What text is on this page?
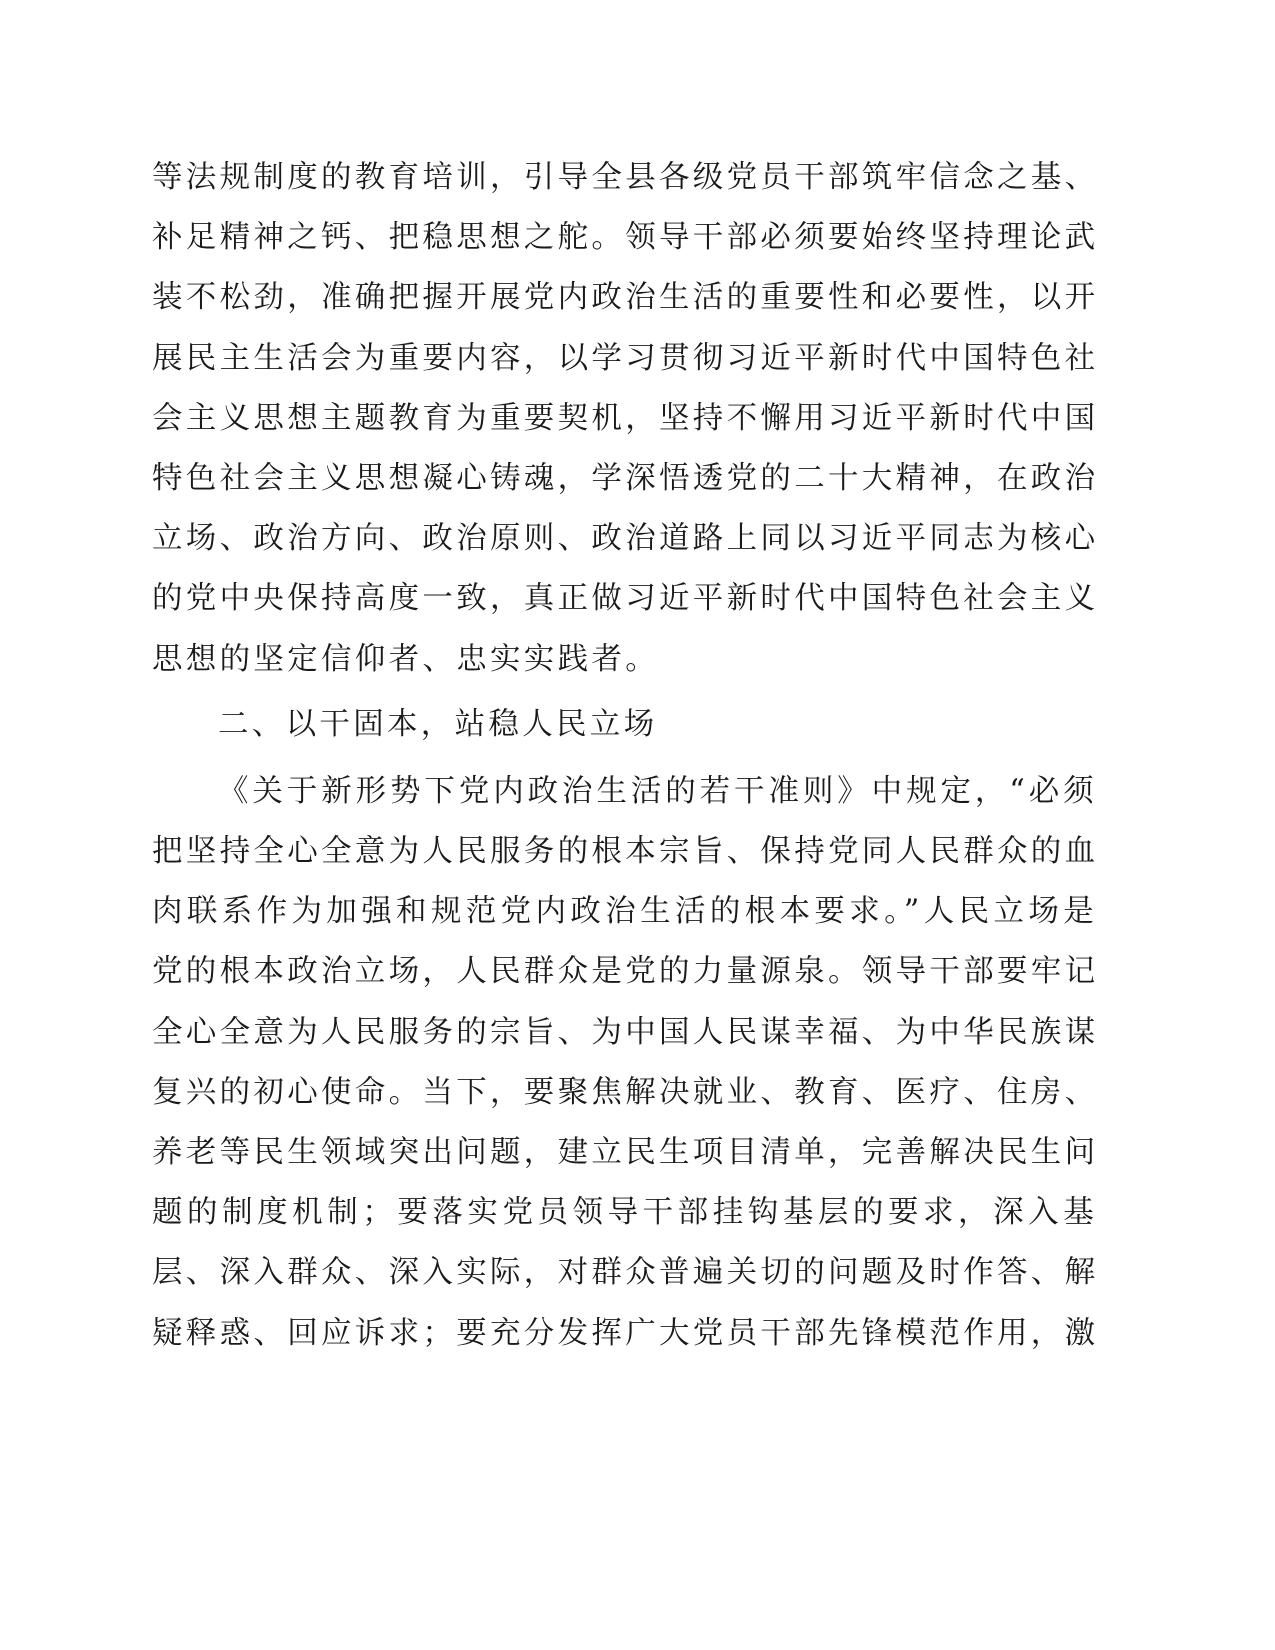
等法规制度的教育培训，引导全县各级党员干部筑牢信念之基、
补足精神之钙、把稳思想之舵。领导干部必须要始终坚持理论武
装不松劲，准确把握开展党内政治生活的重要性和必要性，以开
展民主生活会为重要内容，以学习贯彻习近平新时代中国特色社
会主义思想主题教育为重要契机，坚持不懈用习近平新时代中国
特色社会主义思想凝心铸魂，学深悟透党的二十大精神，在政治
立场、政治方向、政治原则、政治道路上同以习近平同志为核心
的党中央保持高度一致，真正做习近平新时代中国特色社会主义
思想的坚定信仰者、忠实实践者。
二、以干固本，站稳人民立场
《关于新形势下党内政治生活的若干准则》中规定，“必须
把坚持全心全意为人民服务的根本宗旨、保持党同人民群众的血
肉联系作为加强和规范党内政治生活的根本要求。”人民立场是
党的根本政治立场，人民群众是党的力量源泉。领导干部要牢记
全心全意为人民服务的宗旨、为中国人民谋幸福、为中华民族谋
复兴的初心使命。当下，要聚焦解决就业、教育、医疗、住房、
养老等民生领域突出问题，建立民生项目清单，完善解决民生问
题的制度机制；要落实党员领导干部挂钩基层的要求，深入基
层、深入群众、深入实际，对群众普遍关切的问题及时作答、解
疑释惑、回应诉求；要充分发挥广大党员干部先锋模范作用，激
